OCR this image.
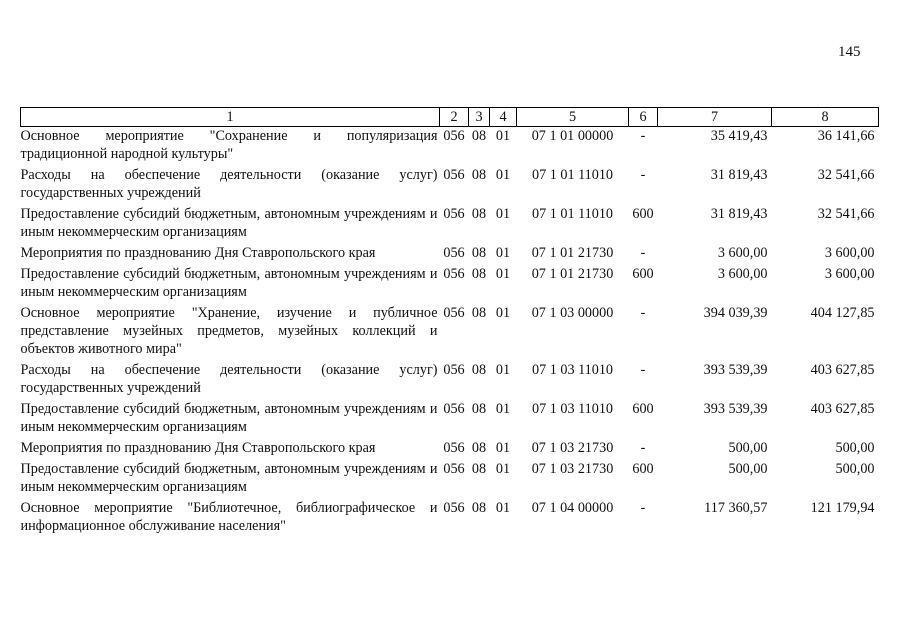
145
1	2	3	4	5	6	7	8
Основное мероприятие "Сохранение и популяризация традиционной народной культуры"	056	08	01	07 1 01 00000	-	35 419,43	36 141,66

Расходы на обеспечение деятельности (оказание услуг) государственных учреждений	056	08	01	07 1 01 11010	-	31 819,43	32 541,66

Предоставление субсидий бюджетным, автономным учреждениям и иным некоммерческим организациям	056	08	01	07 1 01 11010	600	31 819,43	32 541,66

Мероприятия по празднованию Дня Ставропольского края	056	08	01	07 1 01 21730	-	3 600,00	3 600,00

Предоставление субсидий бюджетным, автономным учреждениям и иным некоммерческим организациям	056	08	01	07 1 01 21730	600	3 600,00	3 600,00

Основное мероприятие "Хранение, изучение и публичное представление музейных предметов, музейных коллекций и объектов животного мира"	056	08	01	07 1 03 00000	-	394 039,39	404 127,85

Расходы на обеспечение деятельности (оказание услуг) государственных учреждений	056	08	01	07 1 03 11010	-	393 539,39	403 627,85

Предоставление субсидий бюджетным, автономным учреждениям и иным некоммерческим организациям	056	08	01	07 1 03 11010	600	393 539,39	403 627,85

Мероприятия по празднованию Дня Ставропольского края	056	08	01	07 1 03 21730	-	500,00	500,00

Предоставление субсидий бюджетным, автономным учреждениям и иным некоммерческим организациям	056	08	01	07 1 03 21730	600	500,00	500,00

Основное мероприятие "Библиотечное, библиографическое и информационное обслуживание населения"	056	08	01	07 1 04 00000	-	117 360,57	121 179,94
